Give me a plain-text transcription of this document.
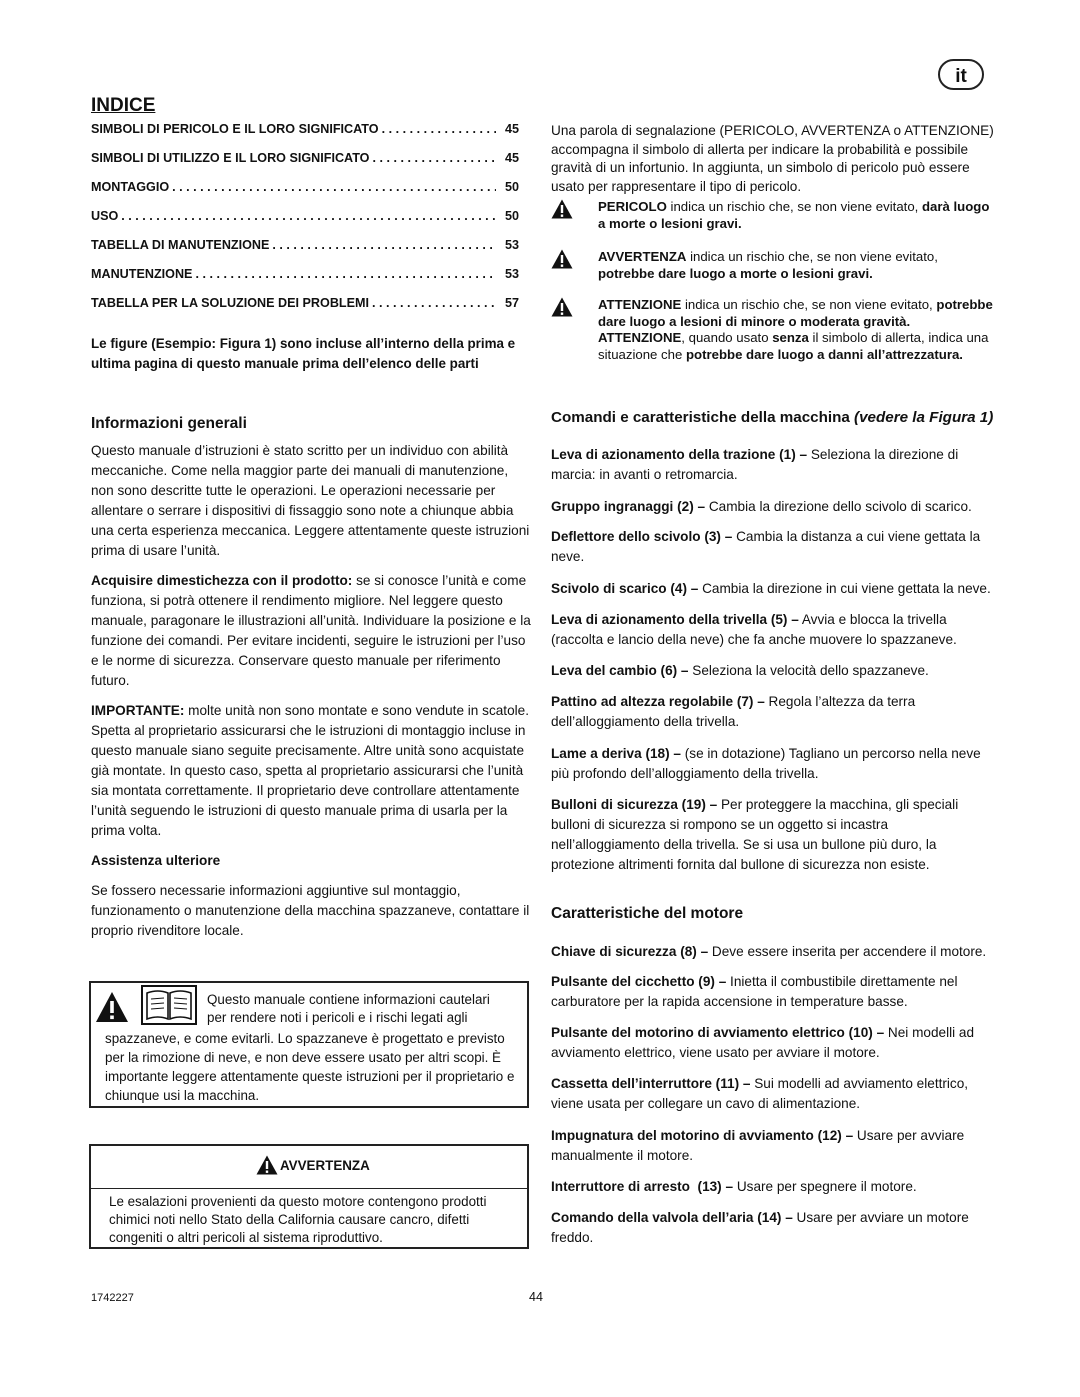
it
INDICE
SIMBOLI DI PERICOLO E IL LORO SIGNIFICATO . . .	45
SIMBOLI DI UTILIZZO E IL LORO SIGNIFICATO . . .	45
MONTAGGIO . . .	50
USO . . .	50
TABELLA DI MANUTENZIONE . . .	53
MANUTENZIONE . . .	53
TABELLA PER LA SOLUZIONE DEI PROBLEMI . . .	57
Le figure (Esempio: Figura 1) sono incluse all’interno della prima e ultima pagina di questo manuale prima dell’elenco delle parti
Informazioni generali
Questo manuale d’istruzioni è stato scritto per un individuo con abilità meccaniche. Come nella maggior parte dei manuali di manutenzione, non sono descritte tutte le operazioni. Le operazioni necessarie per allentare o serrare i dispositivi di fissaggio sono note a chiunque abbia una certa esperienza meccanica. Leggere attentamente queste istruzioni prima di usare l’unità.
Acquisire dimestichezza con il prodotto: se si conosce l’unità e come funziona, si potrà ottenere il rendimento migliore. Nel leggere questo manuale, paragonare le illustrazioni all’unità. Individuare la posizione e la funzione dei comandi. Per evitare incidenti, seguire le istruzioni per l’uso e le norme di sicurezza. Conservare questo manuale per riferimento futuro.
IMPORTANTE: molte unità non sono montate e sono vendute in scatole. Spetta al proprietario assicurarsi che le istruzioni di montaggio incluse in questo manuale siano seguite precisamente. Altre unità sono acquistate già montate. In questo caso, spetta al proprietario assicurarsi che l’unità sia montata correttamente. Il proprietario deve controllare attentamente l’unità seguendo le istruzioni di questo manuale prima di usarla per la prima volta.
Assistenza ulteriore
Se fossero necessarie informazioni aggiuntive sul montaggio, funzionamento o manutenzione della macchina spazzaneve, contattare il proprio rivenditore locale.
Questo manuale contiene informazioni cautelari
per rendere noti i pericoli e i rischi legati agli
spazzaneve, e come evitarli. Lo spazzaneve è progettato e previsto per la rimozione di neve, e non deve essere usato per altri scopi. È importante leggere attentamente queste istruzioni per il proprietario e chiunque usi la macchina.
AVVERTENZA
Le esalazioni provenienti da questo motore contengono prodotti chimici noti nello Stato della California causare cancro, difetti congeniti o altri pericoli al sistema riproduttivo.
Una parola di segnalazione (PERICOLO, AVVERTENZA o ATTENZIONE) accompagna il simbolo di allerta per indicare la probabilità e possibile gravità di un infortunio. In aggiunta, un simbolo di pericolo può essere usato per rappresentare il tipo di pericolo.
PERICOLO indica un rischio che, se non viene evitato, darà luogo a morte o lesioni gravi.
AVVERTENZA indica un rischio che, se non viene evitato, potrebbe dare luogo a morte o lesioni gravi.
ATTENZIONE indica un rischio che, se non viene evitato, potrebbe dare luogo a lesioni di minore o moderata gravità.
ATTENZIONE, quando usato senza il simbolo di allerta, indica una situazione che potrebbe dare luogo a danni all’attrezzatura.
Comandi e caratteristiche della macchina (vedere la Figura 1)
Leva di azionamento della trazione (1) – Seleziona la direzione di marcia: in avanti o retromarcia.
Gruppo ingranaggi (2) – Cambia la direzione dello scivolo di scarico.
Deflettore dello scivolo (3) – Cambia la distanza a cui viene gettata la neve.
Scivolo di scarico (4) – Cambia la direzione in cui viene gettata la neve.
Leva di azionamento della trivella (5) – Avvia e blocca la trivella (raccolta e lancio della neve) che fa anche muovere lo spazzaneve.
Leva del cambio (6) – Seleziona la velocità dello spazzaneve.
Pattino ad altezza regolabile (7) – Regola l’altezza da terra dell’alloggiamento della trivella.
Lame a deriva (18) – (se in dotazione) Tagliano un percorso nella neve più profondo dell’alloggiamento della trivella.
Bulloni di sicurezza (19) – Per proteggere la macchina, gli speciali bulloni di sicurezza si rompono se un oggetto si incastra nell’alloggiamento della trivella. Se si usa un bullone più duro, la protezione altrimenti fornita dal bullone di sicurezza non esiste.
Caratteristiche del motore
Chiave di sicurezza (8) – Deve essere inserita per accendere il motore.
Pulsante del cicchetto (9) – Inietta il combustibile direttamente nel carburatore per la rapida accensione in temperature basse.
Pulsante del motorino di avviamento elettrico (10) – Nei modelli ad avviamento elettrico, viene usato per avviare il motore.
Cassetta dell’interruttore (11) – Sui modelli ad avviamento elettrico, viene usata per collegare un cavo di alimentazione.
Impugnatura del motorino di avviamento (12) – Usare per avviare manualmente il motore.
Interruttore di arresto  (13) – Usare per spegnere il motore.
Comando della valvola dell’aria (14) – Usare per avviare un motore freddo.
1742227	44
